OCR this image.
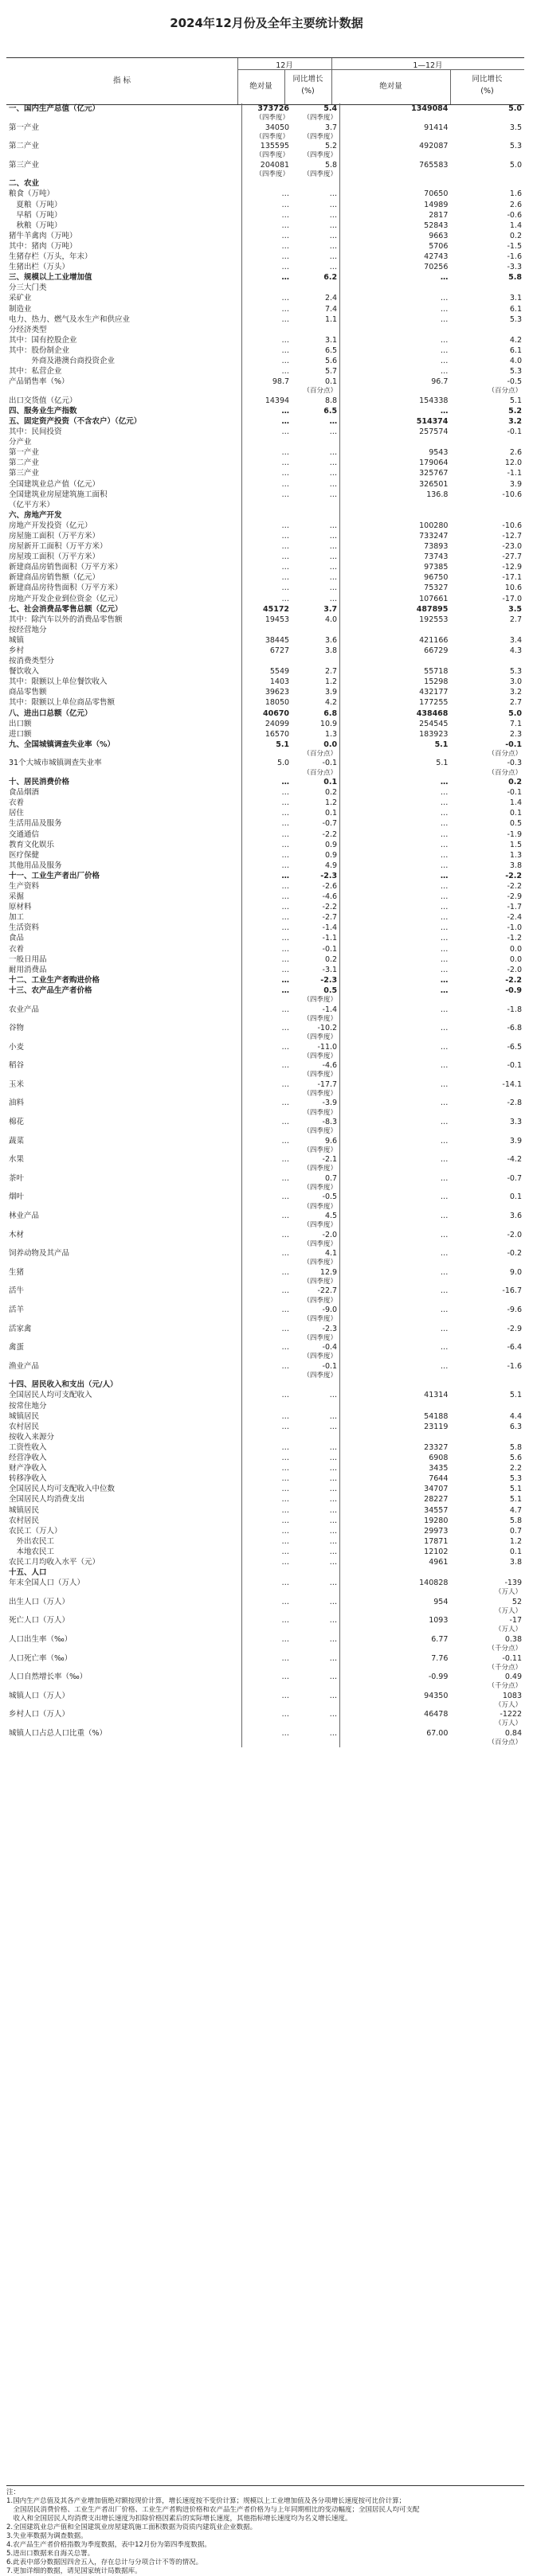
2024年12月份及全年主要统计数据
指 标
12月	1—12月
绝对量
同比增长
(%)
绝对量
同比增长
(%)
一、国内生产总值（亿元）	373726	5.4	1349084	5.0
	（四季度）	（四季度）		
第一产业	34050	3.7	91414	3.5
	（四季度）	（四季度）		
第二产业	135595	5.2	492087	5.3
	（四季度）	（四季度）		
第三产业	204081	5.8	765583	5.0
	（四季度）	（四季度）		
二、农业				
粮食（万吨）	…	…	70650	1.6
　夏粮（万吨）	…	…	14989	2.6
　早稻（万吨）	…	…	2817	-0.6
　秋粮（万吨）	…	…	52843	1.4
猪牛羊禽肉（万吨）	…	…	9663	0.2
其中：猪肉（万吨）	…	…	5706	-1.5
生猪存栏（万头，年末）	…	…	42743	-1.6
生猪出栏（万头）	…	…	70256	-3.3
三、规模以上工业增加值	…	6.2	…	5.8
分三大门类				
采矿业	…	2.4	…	3.1
制造业	…	7.4	…	6.1
电力、热力、燃气及水生产和供应业	…	1.1	…	5.3
分经济类型				
其中：国有控股企业	…	3.1	…	4.2
其中：股份制企业	…	6.5	…	6.1
　　　外商及港澳台商投资企业	…	5.6	…	4.0
其中：私营企业	…	5.7	…	5.3
产品销售率（%）	98.7	0.1	96.7	-0.5
		（百分点）		（百分点）
出口交货值（亿元）	14394	8.8	154338	5.1
四、服务业生产指数	…	6.5	…	5.2
五、固定资产投资（不含农户）（亿元）	…	…	514374	3.2
其中：民间投资	…	…	257574	-0.1
分产业				
第一产业	…	…	9543	2.6
第二产业	…	…	179064	12.0
第三产业	…	…	325767	-1.1
全国建筑业总产值（亿元）	…	…	326501	3.9
全国建筑业房屋建筑施工面积	…	…	136.8	-10.6
（亿平方米）				
六、房地产开发				
房地产开发投资（亿元）	…	…	100280	-10.6
房屋施工面积（万平方米）	…	…	733247	-12.7
房屋新开工面积（万平方米）	…	…	73893	-23.0
房屋竣工面积（万平方米）	…	…	73743	-27.7
新建商品房销售面积（万平方米）	…	…	97385	-12.9
新建商品房销售额（亿元）	…	…	96750	-17.1
新建商品房待售面积（万平方米）	…	…	75327	10.6
房地产开发企业到位资金（亿元）	…	…	107661	-17.0
七、社会消费品零售总额（亿元）	45172	3.7	487895	3.5
其中：除汽车以外的消费品零售额	19453	4.0	192553	2.7
按经营地分				
城镇	38445	3.6	421166	3.4
乡村	6727	3.8	66729	4.3
按消费类型分				
餐饮收入	5549	2.7	55718	5.3
其中：限额以上单位餐饮收入	1403	1.2	15298	3.0
商品零售额	39623	3.9	432177	3.2
其中：限额以上单位商品零售额	18050	4.2	177255	2.7
八、进出口总额（亿元）	40670	6.8	438468	5.0
出口额	24099	10.9	254545	7.1
进口额	16570	1.3	183923	2.3
九、全国城镇调查失业率（%）	5.1	0.0	5.1	-0.1
		（百分点）		（百分点）
31个大城市城镇调查失业率	5.0	-0.1	5.1	-0.3
		（百分点）		（百分点）
十、居民消费价格	…	0.1	…	0.2
食品烟酒	…	0.2	…	-0.1
衣着	…	1.2	…	1.4
居住	…	0.1	…	0.1
生活用品及服务	…	-0.7	…	0.5
交通通信	…	-2.2	…	-1.9
教育文化娱乐	…	0.9	…	1.5
医疗保健	…	0.9	…	1.3
其他用品及服务	…	4.9	…	3.8
十一、工业生产者出厂价格	…	-2.3	…	-2.2
生产资料	…	-2.6	…	-2.2
采掘	…	-4.6	…	-2.9
原材料	…	-2.2	…	-1.7
加工	…	-2.7	…	-2.4
生活资料	…	-1.4	…	-1.0
食品	…	-1.1	…	-1.2
衣着	…	-0.1	…	0.0
一般日用品	…	0.2	…	0.0
耐用消费品	…	-3.1	…	-2.0
十二、工业生产者购进价格	…	-2.3	…	-2.2
十三、农产品生产者价格	…	0.5	…	-0.9
		（四季度）		
农业产品	…	-1.4	…	-1.8
		（四季度）		
谷物	…	-10.2	…	-6.8
		（四季度）		
小麦	…	-11.0	…	-6.5
		（四季度）		
稻谷	…	-4.6	…	-0.1
		（四季度）		
玉米	…	-17.7	…	-14.1
		（四季度）		
油料	…	-3.9	…	-2.8
		（四季度）		
棉花	…	-8.3	…	3.3
		（四季度）		
蔬菜	…	9.6	…	3.9
		（四季度）		
水果	…	-2.1	…	-4.2
		（四季度）		
茶叶	…	0.7	…	-0.7
		（四季度）		
烟叶	…	-0.5	…	0.1
		（四季度）		
林业产品	…	4.5	…	3.6
		（四季度）		
木材	…	-2.0	…	-2.0
		（四季度）		
饲养动物及其产品	…	4.1	…	-0.2
		（四季度）		
生猪	…	12.9	…	9.0
		（四季度）		
活牛	…	-22.7	…	-16.7
		（四季度）		
活羊	…	-9.0	…	-9.6
		（四季度）		
活家禽	…	-2.3	…	-2.9
		（四季度）		
禽蛋	…	-0.4	…	-6.4
		（四季度）		
渔业产品	…	-0.1	…	-1.6
		（四季度）		
十四、居民收入和支出（元/人）				
全国居民人均可支配收入	…	…	41314	5.1
按常住地分				
城镇居民	…	…	54188	4.4
农村居民	…	…	23119	6.3
按收入来源分				
工资性收入	…	…	23327	5.8
经营净收入	…	…	6908	5.6
财产净收入	…	…	3435	2.2
转移净收入	…	…	7644	5.3
全国居民人均可支配收入中位数	…	…	34707	5.1
全国居民人均消费支出	…	…	28227	5.1
城镇居民	…	…	34557	4.7
农村居民	…	…	19280	5.8
农民工（万人）	…	…	29973	0.7
　外出农民工	…	…	17871	1.2
　本地农民工	…	…	12102	0.1
农民工月均收入水平（元）	…	…	4961	3.8
十五、人口				
年末全国人口（万人）	…	…	140828	-139
				（万人）
出生人口（万人）	…	…	954	52
				（万人）
死亡人口（万人）	…	…	1093	-17
				（万人）
人口出生率（‰）	…	…	6.77	0.38
				（千分点）
人口死亡率（‰）	…	…	7.76	-0.11
				（千分点）
人口自然增长率（‰）	…	…	-0.99	0.49
				（千分点）
城镇人口（万人）	…	…	94350	1083
				（万人）
乡村人口（万人）	…	…	46478	-1222
				（万人）
城镇人口占总人口比重（%）	…	…	67.00	0.84
				（百分点）
注：
1.国内生产总值及其各产业增加值绝对额按现价计算，增长速度按不变价计算；规模以上工业增加值及各分项增长速度按可比价计算；
　全国居民消费价格、工业生产者出厂价格、工业生产者购进价格和农产品生产者价格为与上年同期相比的变动幅度；全国居民人均可支配
　收入和全国居民人均消费支出增长速度为扣除价格因素后的实际增长速度，其他指标增长速度均为名义增长速度。
2.全国建筑业总产值和全国建筑业房屋建筑施工面积数据为资质内建筑业企业数据。
3.失业率数据为调查数据。
4.农产品生产者价格指数为季度数据，表中12月份为第四季度数据。
5.进出口数据来自海关总署。
6.此表中部分数据因四舍五入，存在总计与分项合计不等的情况。
7.更加详细的数据，请见国家统计局数据库。
